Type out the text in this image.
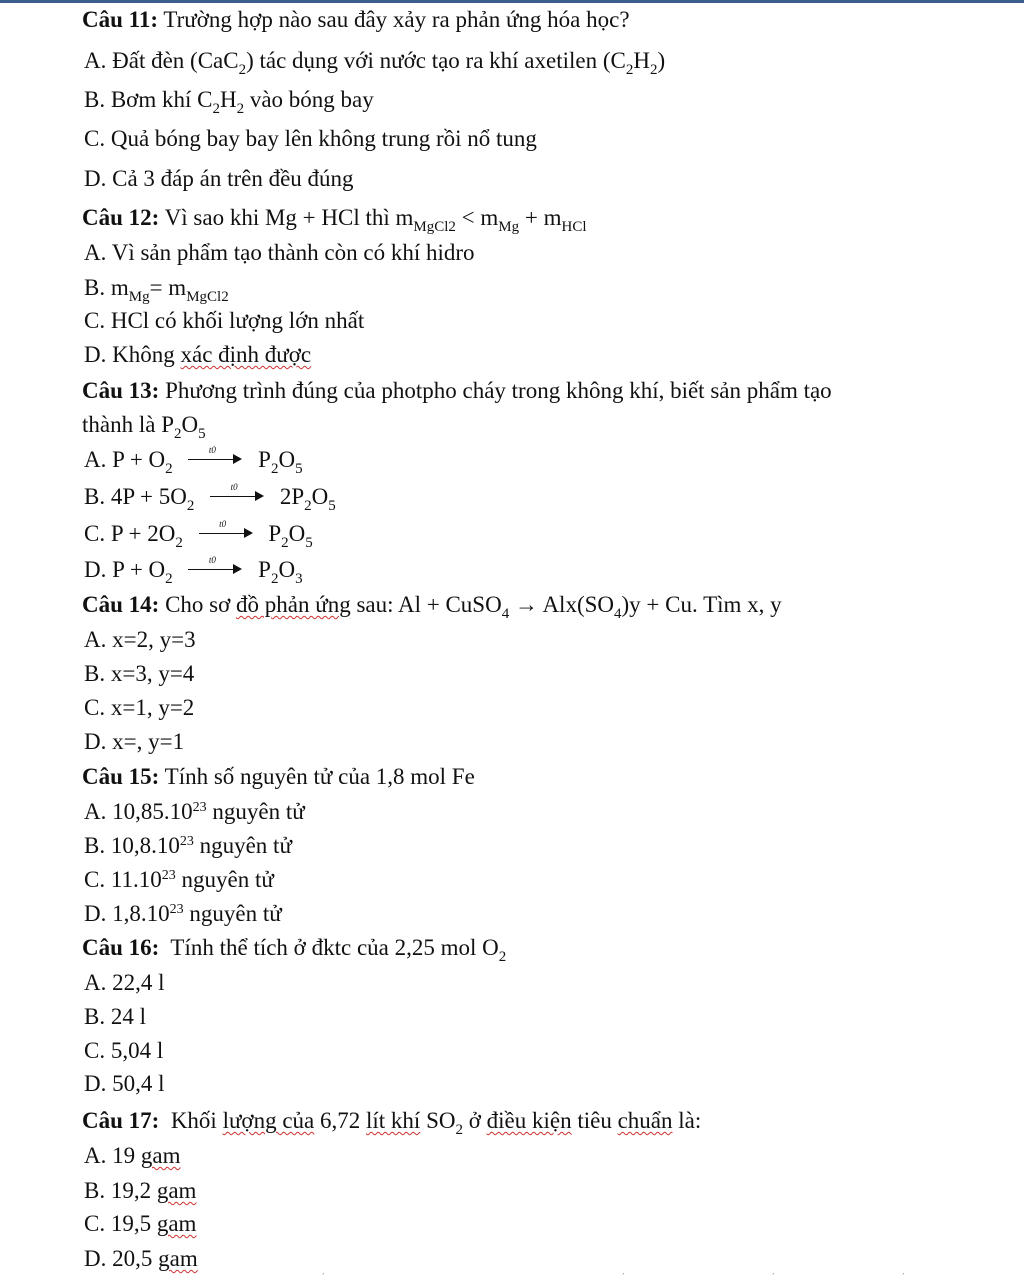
Câu 11: Trường hợp nào sau đây xảy ra phản ứng hóa học?
A. Đất đèn (CaC$_2$) tác dụng với nước tạo ra khí axetilen $(C_2H_2)$
B. Bơm khí $C_2H_2$ vào bóng bay
C. Quả bóng bay bay lên không trung rồi nổ tung
D. Cả 3 đáp án trên đều đúng
Câu 12: Vì sao khi Mg + HCl thì $m_{MgCl2} < m_{Mg} + m_{HCl}$
A. Vì sản phẩm tạo thành còn có khí hidro
B. $m_{Mg}= m_{MgCl2}$
C. HCl có khối lượng lớn nhất
D. Không xác định được
Câu 13: Phương trình đúng của photpho cháy trong không khí, biết sản phẩm tạo
thành là $P_2O_5$
A. $P + O_2$
t0	$P_2O_5$
B. $4P + 5O_2$
t0	$2P_2O_5$
C. $P + 2O_2$
t0	$P_2O_5$
D. $P + O_2$
t0	$P_2O_3$
Câu 14: Cho sơ đồ phản ứng sau: Al + CuSO$_4$ → $Alx(SO_4)y + Cu$. Tìm x, y
A. x=2, y=3
B. x=3, y=4
C. x=1, y=2
D. x=, y=1
Câu 15: Tính số nguyên tử của 1,8 mol Fe
A. 10,85.10$^{23}$ nguyên tử
B. 10,8.10$^{23}$ nguyên tử
C. 11.10$^{23}$ nguyên tử
D. 1,8.10$^{23}$ nguyên tử
Câu 16: Tính thể tích ở đktc của 2,25 mol $O_2$
A. 22,4 l
B. 24 l
C. 5,04 l
D. 50,4 l
Câu 17: Khối lượng của 6,72 lít khí $SO_2$ ở điều kiện tiêu chuẩn là:
A. 19 gam
B. 19,2 gam
C. 19,5 gam
D. 20,5 gam
´	´	´	´
